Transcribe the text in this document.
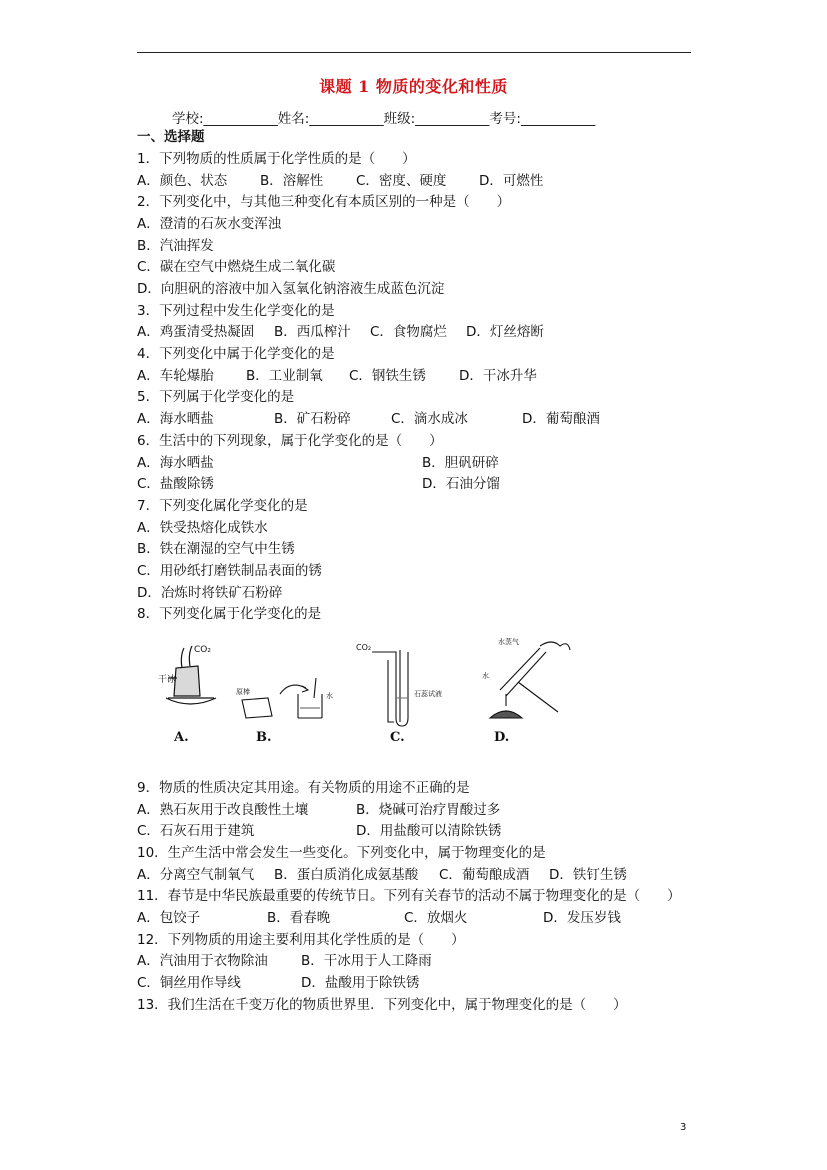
课题 1 物质的变化和性质
学校:___________姓名:___________班级:___________考号:___________
一、选择题
1．下列物质的性质属于化学性质的是（　　）
A．颜色、状态 B．溶解性 C．密度、硬度 D．可燃性
2．下列变化中，与其他三种变化有本质区别的一种是（　　）
A．澄清的石灰水变浑浊
B．汽油挥发
C．碳在空气中燃烧生成二氧化碳
D．向胆矾的溶液中加入氢氧化钠溶液生成蓝色沉淀
3．下列过程中发生化学变化的是
A．鸡蛋清受热凝固 B．西瓜榨汁 C．食物腐烂 D．灯丝熔断
4．下列变化中属于化学变化的是
A．车轮爆胎 B．工业制氧 C．钢铁生锈 D．干冰升华
5．下列属于化学变化的是
A．海水晒盐	B．矿石粉碎	C．滴水成冰	D．葡萄酿酒
6．生活中的下列现象，属于化学变化的是（　　）
A．海水晒盐	B．胆矾研碎
C．盐酸除锈	D．石油分馏
7．下列变化属化学变化的是
A．铁受热熔化成铁水
B．铁在潮湿的空气中生锈
C．用砂纸打磨铁制品表面的锈
D．冶炼时将铁矿石粉碎
8．下列变化属于化学变化的是
干冰
CO₂
原棒	水
CO₂
石蕊试液
水蒸气
水
A.	B.	C.	D.
9．物质的性质决定其用途。有关物质的用途不正确的是
A．熟石灰用于改良酸性土壤	B．烧碱可治疗胃酸过多
C．石灰石用于建筑	D．用盐酸可以清除铁锈
10．生产生活中常会发生一些变化。下列变化中，属于物理变化的是
A．分离空气制氧气 B．蛋白质消化成氨基酸 C．葡萄酿成酒 D．铁钉生锈
11．春节是中华民族最重要的传统节日。下列有关春节的活动不属于物理变化的是（　　）
A．包饺子	B．看春晚	C．放烟火	D．发压岁钱
12．下列物质的用途主要利用其化学性质的是（　　）
A．汽油用于衣物除油 B．干冰用于人工降雨
C．铜丝用作导线	D．盐酸用于除铁锈
13．我们生活在千变万化的物质世界里．下列变化中，属于物理变化的是（　　）
3
